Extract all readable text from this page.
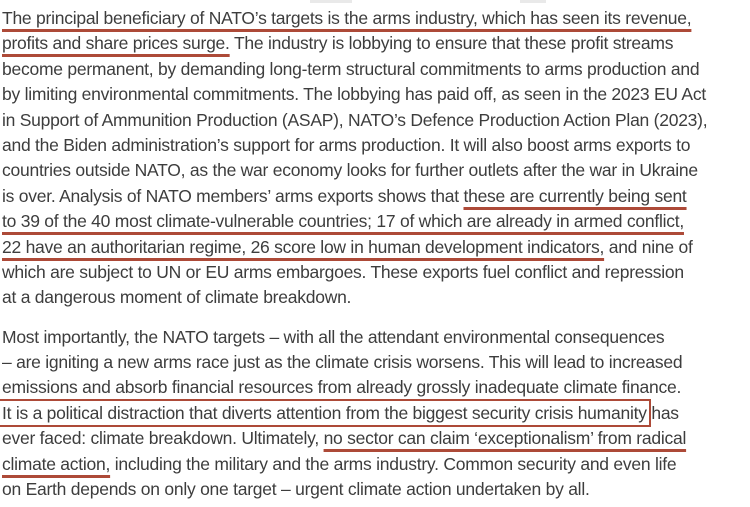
The principal beneficiary of NATO’s targets is the arms industry, which has seen its revenue,
profits and share prices surge. The industry is lobbying to ensure that these profit streams
become permanent, by demanding long-term structural commitments to arms production and
by limiting environmental commitments. The lobbying has paid off, as seen in the 2023 EU Act
in Support of Ammunition Production (ASAP), NATO’s Defence Production Action Plan (2023),
and the Biden administration’s support for arms production. It will also boost arms exports to
countries outside NATO, as the war economy looks for further outlets after the war in Ukraine
is over. Analysis of NATO members’ arms exports shows that these are currently being sent
to 39 of the 40 most climate-vulnerable countries; 17 of which are already in armed conflict,
22 have an authoritarian regime, 26 score low in human development indicators, and nine of
which are subject to UN or EU arms embargoes. These exports fuel conflict and repression
at a dangerous moment of climate breakdown.
Most importantly, the NATO targets – with all the attendant environmental consequences
– are igniting a new arms race just as the climate crisis worsens. This will lead to increased
emissions and absorb financial resources from already grossly inadequate climate finance.
It is a political distraction that diverts attention from the biggest security crisis humanity has
ever faced: climate breakdown. Ultimately, no sector can claim ‘exceptionalism’ from radical
climate action, including the military and the arms industry. Common security and even life
on Earth depends on only one target – urgent climate action undertaken by all.
